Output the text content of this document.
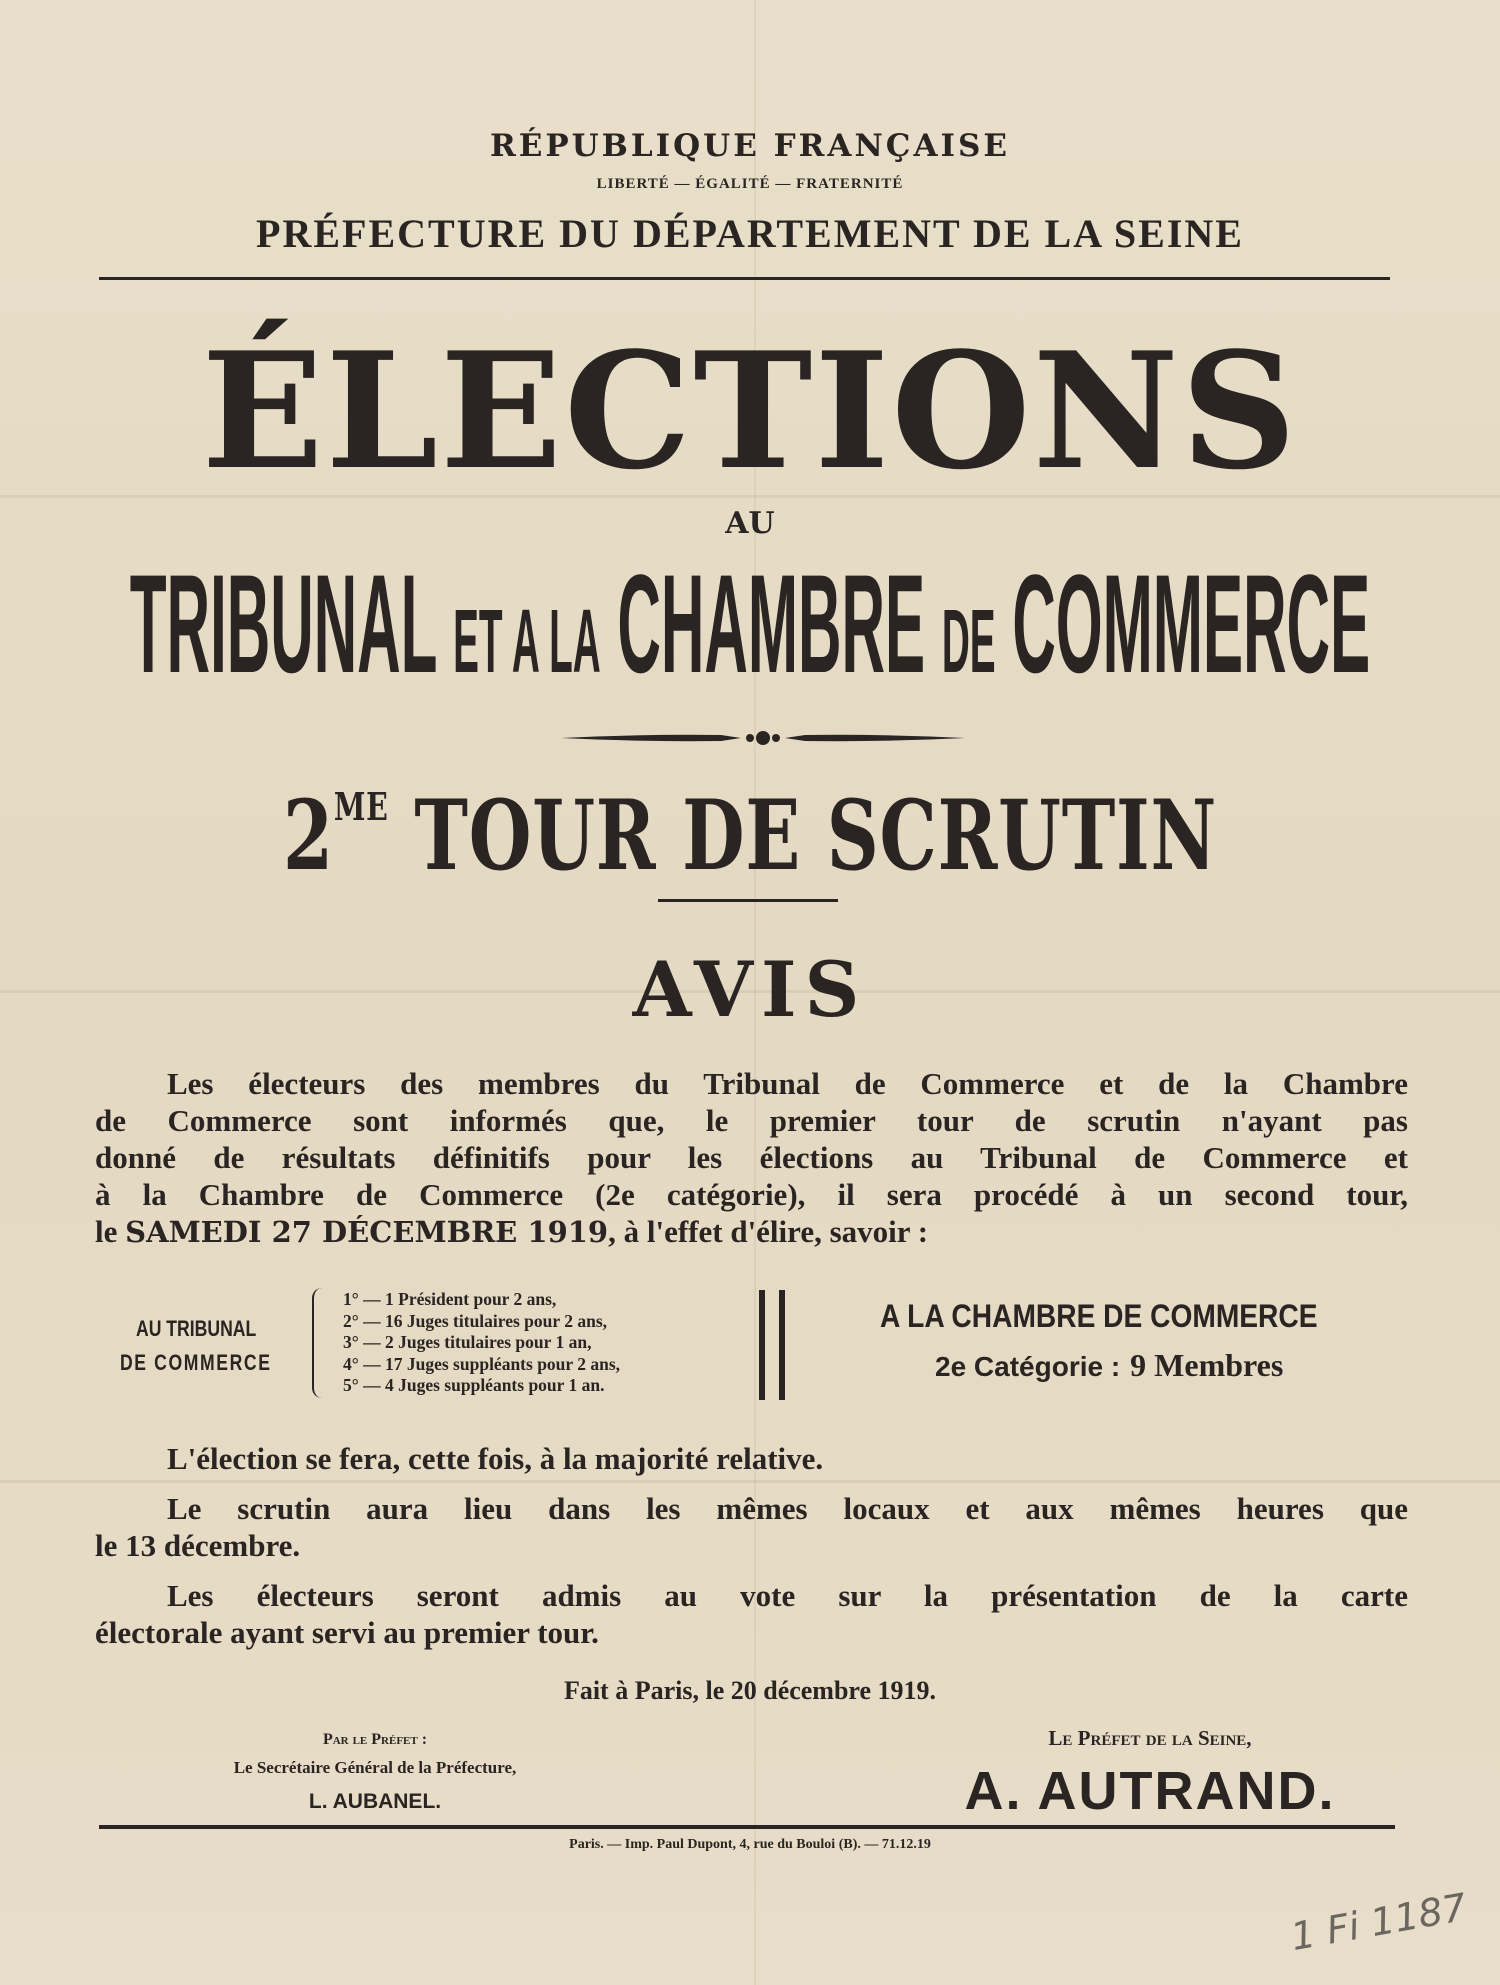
RÉPUBLIQUE FRANÇAISE
LIBERTÉ — ÉGALITÉ — FRATERNITÉ
PRÉFECTURE DU DÉPARTEMENT DE LA SEINE
ÉLECTIONS
AU
TRIBUNAL ET A LA CHAMBRE DE COMMERCE
$2^{ME}$ TOUR DE SCRUTIN
AVIS
Les électeurs des membres du Tribunal de Commerce et de la Chambre
de Commerce sont informés que, le premier tour de scrutin n'ayant pas
donné de résultats définitifs pour les élections au Tribunal de Commerce et
à la Chambre de Commerce (2e catégorie), il sera procédé à un second tour,
le SAMEDI 27 DÉCEMBRE 1919, à l'effet d'élire, savoir :
AU TRIBUNAL
DE COMMERCE
1° — 1 Président pour 2 ans,
2° — 16 Juges titulaires pour 2 ans,
3° — 2 Juges titulaires pour 1 an,
4° — 17 Juges suppléants pour 2 ans,
5° — 4 Juges suppléants pour 1 an.
A LA CHAMBRE DE COMMERCE
2e Catégorie : 9 Membres
L'élection se fera, cette fois, à la majorité relative.
Le scrutin aura lieu dans les mêmes locaux et aux mêmes heures que
le 13 décembre.
Les électeurs seront admis au vote sur la présentation de la carte
électorale ayant servi au premier tour.
Fait à Paris, le 20 décembre 1919.
Par le Préfet :
Le Secrétaire Général de la Préfecture,
L. AUBANEL.
Le Préfet de la Seine,
A. AUTRAND.
Paris. — Imp. Paul Dupont, 4, rue du Bouloi (B). — 71.12.19
1 Fi 1187
